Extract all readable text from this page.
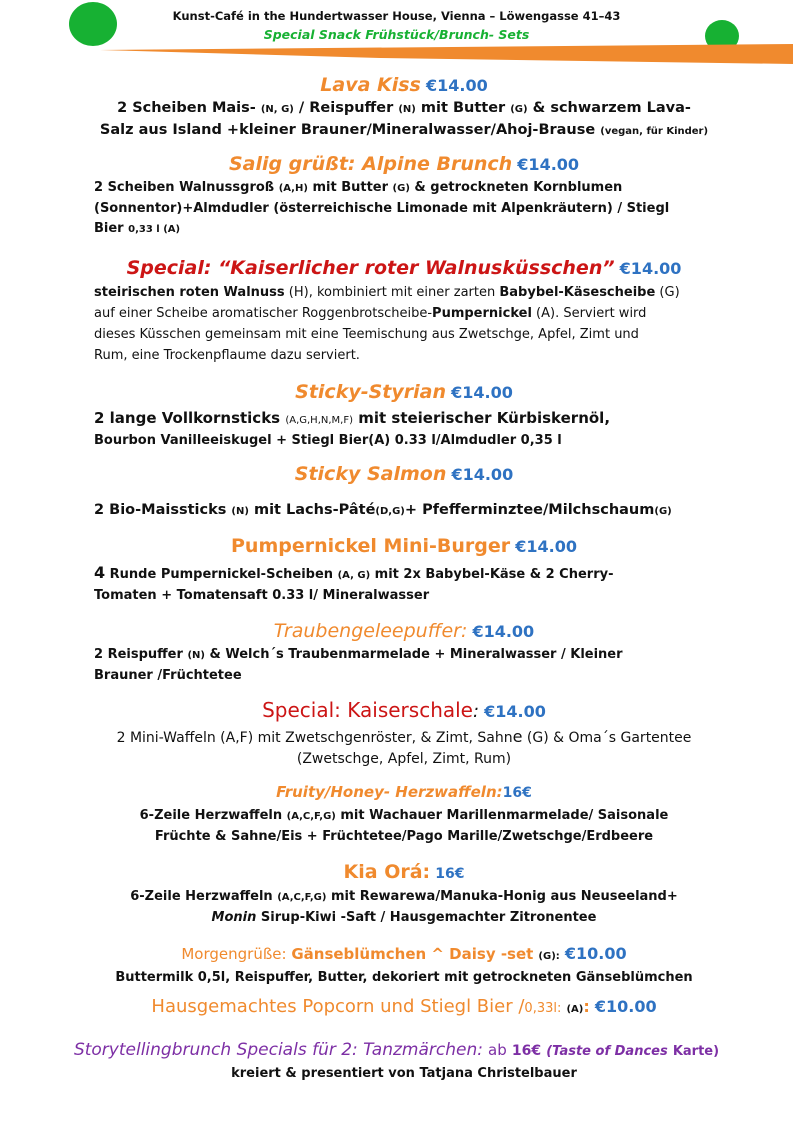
Kunst-Café in the Hundertwasser House, Vienna – Löwengasse 41–43
Special Snack Frühstück/Brunch- Sets
Lava Kiss €14.00
2 Scheiben Mais- (N, G) / Reispuffer (N) mit Butter (G) & schwarzem Lava-
Salz aus Island +kleiner Brauner/Mineralwasser/Ahoj-Brause (vegan, für Kinder)
Salig grüßt: Alpine Brunch €14.00
2 Scheiben Walnussgroß (A,H) mit Butter (G) & getrockneten Kornblumen
(Sonnentor)+Almdudler (österreichische Limonade mit Alpenkräutern) / Stiegl
Bier 0,33 l (A)
Special: “Kaiserlicher roter Walnusküsschen” €14.00
steirischen roten Walnuss (H), kombiniert mit einer zarten Babybel-Käsescheibe (G)
auf einer Scheibe aromatischer Roggenbrotscheibe-Pumpernickel (A). Serviert wird
dieses Küsschen gemeinsam mit eine Teemischung aus Zwetschge, Apfel, Zimt und
Rum, eine Trockenpflaume dazu serviert.
Sticky-Styrian €14.00
2 lange Vollkornsticks (A,G,H,N,M,F) mit steierischer Kürbiskernöl,
Bourbon Vanilleeiskugel + Stiegl Bier(A) 0.33 l/Almdudler 0,35 l
Sticky Salmon €14.00
2 Bio-Maissticks (N) mit Lachs-Pâté(D,G)+ Pfefferminztee/Milchschaum(G)
Pumpernickel Mini-Burger €14.00
4 Runde Pumpernickel-Scheiben (A, G) mit 2x Babybel-Käse & 2 Cherry-
Tomaten + Tomatensaft 0.33 l/ Mineralwasser
Traubengeleepuffer: €14.00
2 Reispuffer (N) & Welch´s Traubenmarmelade + Mineralwasser / Kleiner
Brauner /Früchtetee
Special: Kaiserschale: €14.00
2 Mini-Waffeln (A,F) mit Zwetschgenröster, & Zimt, Sahne (G) & Oma´s Gartentee
(Zwetschge, Apfel, Zimt, Rum)
Fruity/Honey- Herzwaffeln:16€
6-Zeile Herzwaffeln (A,C,F,G) mit Wachauer Marillenmarmelade/ Saisonale
Früchte & Sahne/Eis + Früchtetee/Pago Marille/Zwetschge/Erdbeere
Kia Orá: 16€
6-Zeile Herzwaffeln (A,C,F,G) mit Rewarewa/Manuka-Honig aus Neuseeland+
Monin Sirup-Kiwi -Saft / Hausgemachter Zitronentee
Morgengrüße: Gänseblümchen ^ Daisy -set (G): €10.00
Buttermilk 0,5l, Reispuffer, Butter, dekoriert mit getrockneten Gänseblümchen
Hausgemachtes Popcorn und Stiegl Bier /0,33l: (A): €10.00
Storytellingbrunch Specials für 2: Tanzmärchen: ab 16€ (Taste of Dances Karte)
kreiert & presentiert von Tatjana Christelbauer
